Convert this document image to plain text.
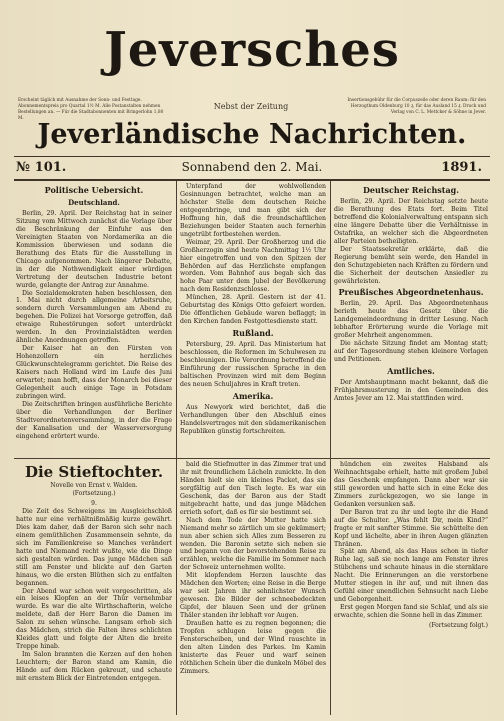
Jeversches
Erscheint täglich mit Ausnahme der Sonn- und Festtage. Abonnementspreis pro Quartal 1½ M. Alle Postanstalten nehmen Bestellungen an. — Für die Stadtabonnenten mit Bringerlohn 1,80 M.
Nebst der Zeitung
Insertionsgebühr für die Corpuszeile oder deren Raum: für den Herzogthum Oldenburg 10 ₰, für das Ausland 15 ₰. Druck und Verlag von C. L. Mettcker & Söhne in Jever.
Jeverländische Nachrichten.
№ 101.	Sonnabend den 2. Mai.	1891.
Politische Uebersicht.
Deutschland.

Berlin, 29. April. Der Reichstag hat in seiner Sitzung vom Mittwoch zunächst die Vorlage über die Beschränkung der Einfuhr aus den Vereinigten Staaten von Nordamerika an die Kommission überwiesen und sodann die Berathung des Etats für die Ausstellung in Chicago aufgenommen. Nach längerer Debatte, in der die Nothwendigkeit einer würdigen Vertretung der deutschen Industrie betont wurde, gelangte der Antrag zur Annahme.

Die Sozialdemokraten haben beschlossen, den 1. Mai nicht durch allgemeine Arbeitsruhe, sondern durch Versammlungen am Abend zu begehen. Die Polizei hat Vorsorge getroffen, daß etwaige Ruhestörungen sofort unterdrückt werden. In den Provinzialstädten werden ähnliche Anordnungen getroffen.

Der Kaiser hat an den Fürsten von Hohenzollern ein herzliches Glückwunschtelegramm gerichtet. Die Reise des Kaisers nach Holland wird im Laufe des Juni erwartet; man hofft, dass der Monarch bei dieser Gelegenheit auch einige Tage in Potsdam zubringen wird.

Die Zeitschriften bringen ausführliche Berichte über die Verhandlungen der Berliner Stadtverordnetenversammlung, in der die Frage der Kanalisation und der Wasserversorgung eingehend erörtert wurde.

Die Stieftochter.
Novelle von Ernst v. Walden.
(Fortsetzung.)
9.

Die Zeit des Schweigens im Ausgleichschloß hatte nur eine verhältnißmäßig kurze gewährt. Dies kam daher, daß der Baron sich sehr nach einem gemüthlichen Zusammensein sehnte, da sich im Familienkreise so Manches verändert hatte und Niemand recht wußte, wie die Dinge sich gestalten würden. Das junge Mädchen saß still am Fenster und blickte auf den Garten hinaus, wo die ersten Blüthen sich zu entfalten begannen.

Der Abend war schon weit vorgeschritten, als ein leises Klopfen an der Thür vernehmbar wurde. Es war die alte Wirthschafterin, welche meldete, daß der Herr Baron die Damen im Salon zu sehen wünsche. Langsam erhob sich das Mädchen, strich die Falten ihres schlichten Kleides glatt und folgte der Alten die breite Treppe hinab.

Im Salon brannten die Kerzen auf den hohen Leuchtern; der Baron stand am Kamin, die Hände auf dem Rücken gekreuzt, und schaute mit ernstem Blick der Eintretenden entgegen.

Unterpfand der wohlwollenden Gesinnungen betrachtet, welche man an höchster Stelle dem deutschen Reiche entgegenbringe, und man gibt sich der Hoffnung hin, daß die freundschaftlichen Beziehungen beider Staaten auch fernerhin ungetrübt fortbestehen werden.

Weimar, 29. April. Der Großherzog und die Großherzogin sind heute Nachmittag 1½ Uhr hier eingetroffen und von den Spitzen der Behörden auf das Herzlichste empfangen worden. Vom Bahnhof aus begab sich das hohe Paar unter dem Jubel der Bevölkerung nach dem Residenzschlosse.

München, 28. April. Gestern ist der 41. Geburtstag des Königs Otto gefeiert worden. Die öffentlichen Gebäude waren beflaggt; in den Kirchen fanden Festgottesdienste statt.

Rußland.

Petersburg, 29. April. Das Ministerium hat beschlossen, die Reformen im Schulwesen zu beschleunigen. Die Verordnung betreffend die Einführung der russischen Sprache in den baltischen Provinzen wird mit dem Beginn des neuen Schuljahres in Kraft treten.

Amerika.

Aus Newyork wird berichtet, daß die Verhandlungen über den Abschluß eines Handelsvertrages mit den südamerikanischen Republiken günstig fortschreiten.

bald die Stiefmutter in das Zimmer trat und ihr mit freundlichem Lächeln zunickte. In den Händen hielt sie ein kleines Packet, das sie sorgfältig auf den Tisch legte. Es war ein Geschenk, das der Baron aus der Stadt mitgebracht hatte, und das junge Mädchen errieth sofort, daß es für sie bestimmt sei.

Nach dem Tode der Mutter hatte sich Niemand mehr so zärtlich um sie gekümmert; nun aber schien sich Alles zum Besseren zu wenden. Die Baronin setzte sich neben sie und begann von der bevorstehenden Reise zu erzählen, welche die Familie im Sommer nach der Schweiz unternehmen wollte.

Mit klopfendem Herzen lauschte das Mädchen den Worten; eine Reise in die Berge war seit Jahren ihr sehnlichster Wunsch gewesen. Die Bilder der schneebedeckten Gipfel, der blauen Seen und der grünen Thäler standen ihr lebhaft vor Augen.

Draußen hatte es zu regnen begonnen; die Tropfen schlugen leise gegen die Fensterscheiben, und der Wind rauschte in den alten Linden des Parkes. Im Kamin knisterte das Feuer und warf seinen röthlichen Schein über die dunkeln Möbel des Zimmers.

Deutscher Reichstag.

Berlin, 29. April. Der Reichstag setzte heute die Berathung des Etats fort. Beim Titel betreffend die Kolonialverwaltung entspann sich eine längere Debatte über die Verhältnisse in Ostafrika, an welcher sich die Abgeordneten aller Parteien betheiligten.

Der Staatssekretär erklärte, daß die Regierung bemüht sein werde, den Handel in den Schutzgebieten nach Kräften zu fördern und die Sicherheit der deutschen Ansiedler zu gewährleisten.

Preußisches Abgeordnetenhaus.

Berlin, 29. April. Das Abgeordnetenhaus berieth heute das Gesetz über die Landgemeindeordnung in dritter Lesung. Nach lebhafter Erörterung wurde die Vorlage mit großer Mehrheit angenommen.

Die nächste Sitzung findet am Montag statt; auf der Tagesordnung stehen kleinere Vorlagen und Petitionen.

Amtliches.

Der Amtshauptmann macht bekannt, daß die Frühjahrsmusterung in den Gemeinden des Amtes Jever am 12. Mai stattfinden wird.

hündchen ein zweites Halsband als Weihnachtsgabe erhielt, hatte mit großem Jubel das Geschenk empfangen. Dann aber war sie still geworden und hatte sich in eine Ecke des Zimmers zurückgezogen, wo sie lange in Gedanken versunken saß.

Der Baron trat zu ihr und legte ihr die Hand auf die Schulter. „Was fehlt Dir, mein Kind?“ fragte er mit sanfter Stimme. Sie schüttelte den Kopf und lächelte, aber in ihren Augen glänzten Thränen.

Spät am Abend, als das Haus schon in tiefer Ruhe lag, saß sie noch lange am Fenster ihres Stübchens und schaute hinaus in die sternklare Nacht. Die Erinnerungen an die verstorbene Mutter stiegen in ihr auf, und mit ihnen das Gefühl einer unendlichen Sehnsucht nach Liebe und Geborgenheit.

Erst gegen Morgen fand sie Schlaf, und als sie erwachte, schien die Sonne hell in das Zimmer.

(Fortsetzung folgt.)
